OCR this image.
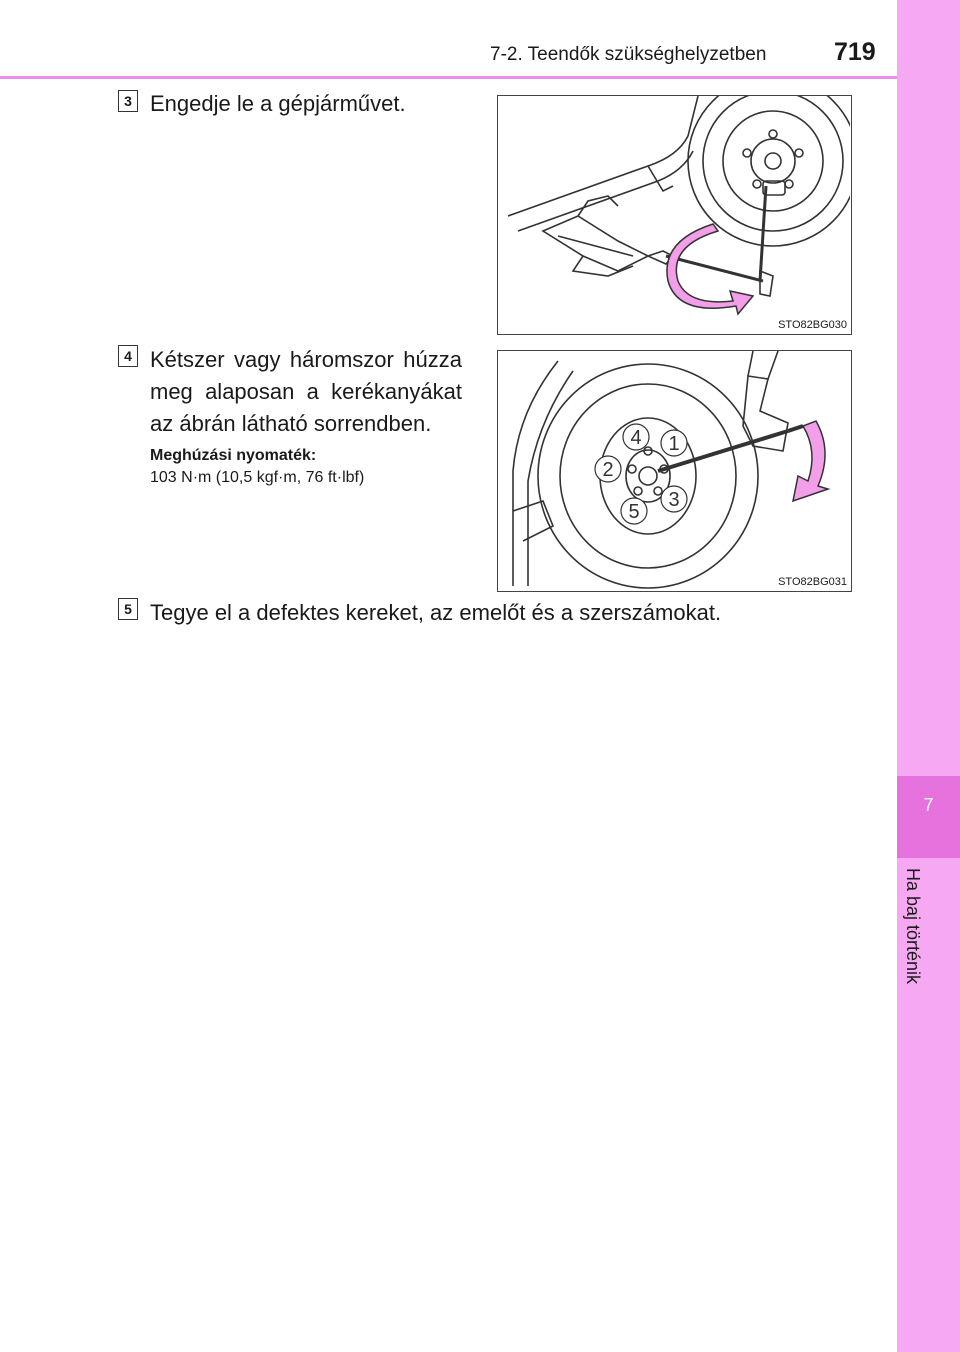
7
Ha baj történik
7-2. Teendők szükséghelyzetben	719
3 Engedje le a gépjárművet.
STO82BG030
4 Kétszer vagy háromszor húzza
meg alaposan a kerékanyákat
az ábrán látható sorrendben.
Meghúzási nyomaték:
103 N·m (10,5 kgf·m, 76 ft·lbf)
4 1
2
3
5
STO82BG031
5 Tegye el a defektes kereket, az emelőt és a szerszámokat.
